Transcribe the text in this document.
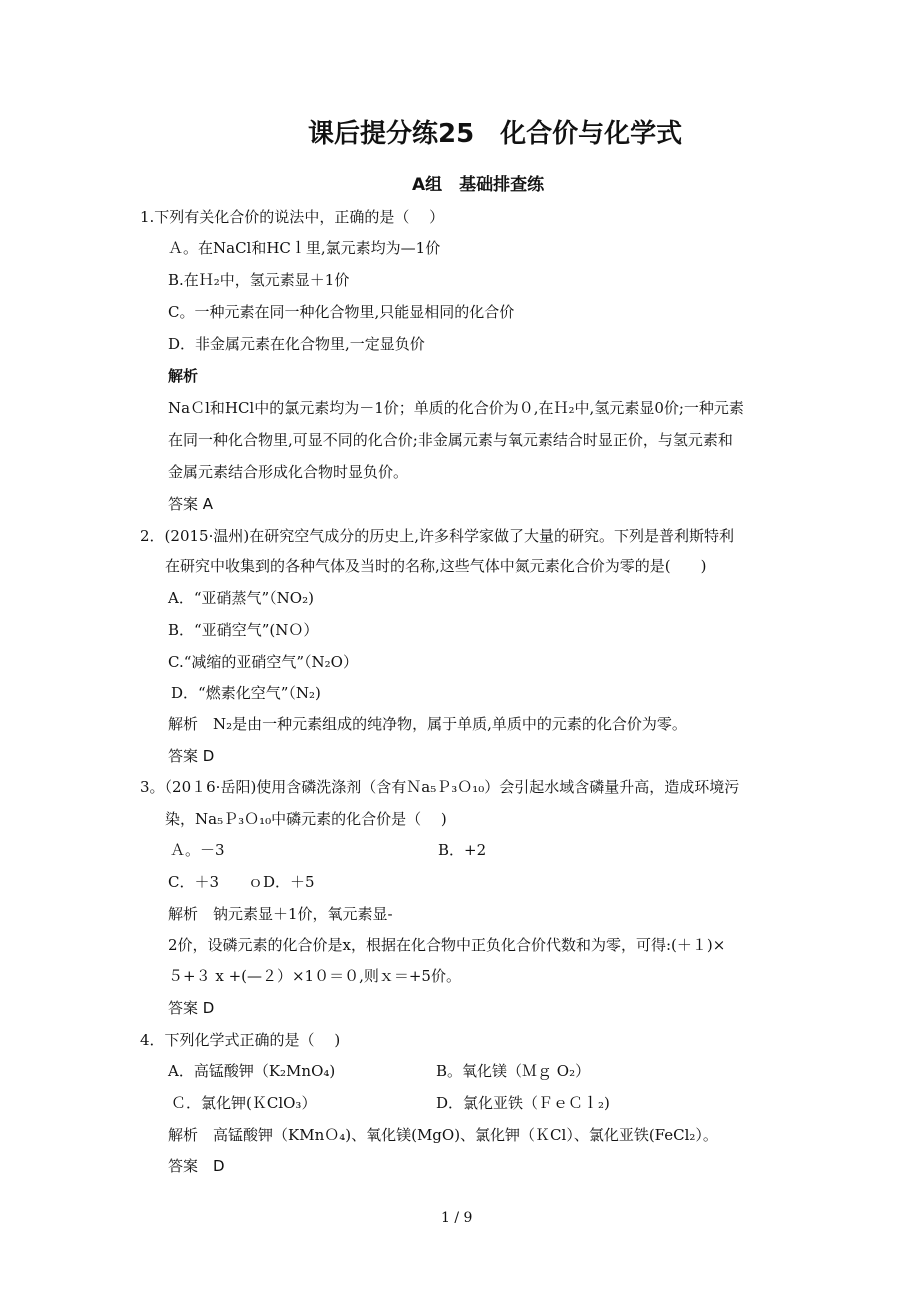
课后提分练25　化合价与化学式
A组　基础排查练
1.下列有关化合价的说法中，正确的是（　 ）
Ａ。在NaCl和HCｌ里,氯元素均为—1价
B.在Ｈ₂中，氢元素显＋1价
C。一种元素在同一种化合物里,只能显相同的化合价
D．非金属元素在化合物里,一定显负价
解析
NaＣl和HCl中的氯元素均为－1价；单质的化合价为０,在Ｈ₂中,氢元素显0价;一种元素
在同一种化合物里,可显不同的化合价;非金属元素与氧元素结合时显正价，与氢元素和
金属元素结合形成化合物时显负价。
答案 A
2．(2015·温州)在研究空气成分的历史上,许多科学家做了大量的研究。下列是普利斯特利
在研究中收集到的各种气体及当时的名称,这些气体中氮元素化合价为零的是(　　)
A．“亚硝蒸气”（NO₂)
B．“亚硝空气”(NＯ）
C.“减缩的亚硝空气”（N₂O）
D．“燃素化空气”（N₂)
解析　N₂是由一种元素组成的纯净物，属于单质,单质中的元素的化合价为零。
答案 D
3。（20１6·岳阳)使用含磷洗涤剂（含有Ｎa₅Ｐ₃Ｏ₁₀）会引起水域含磷量升高，造成环境污
染，Na₅Ｐ₃Ｏ₁₀中磷元素的化合价是（　 )
Ａ。－3	B．+2
C．＋3 ｏD．＋5
解析　钠元素显＋1价，氧元素显-
2价，设磷元素的化合价是x，根据在化合物中正负化合价代数和为零，可得:(＋１)×
５+３ x +(—２）×1０＝０,则ｘ＝+5价。
答案 D
4．下列化学式正确的是（　 )
A．高锰酸钾（K₂MnO₄)	B。氧化镁（Ｍｇ O₂）
Ｃ．氯化钾(ＫClO₃）	D．氯化亚铁（ＦｅＣｌ₂)
解析　高锰酸钾（KMnＯ₄)、氧化镁(MgO)、氯化钾（ＫCl）、氯化亚铁(FeCl₂）。
答案　D
1 / 9
